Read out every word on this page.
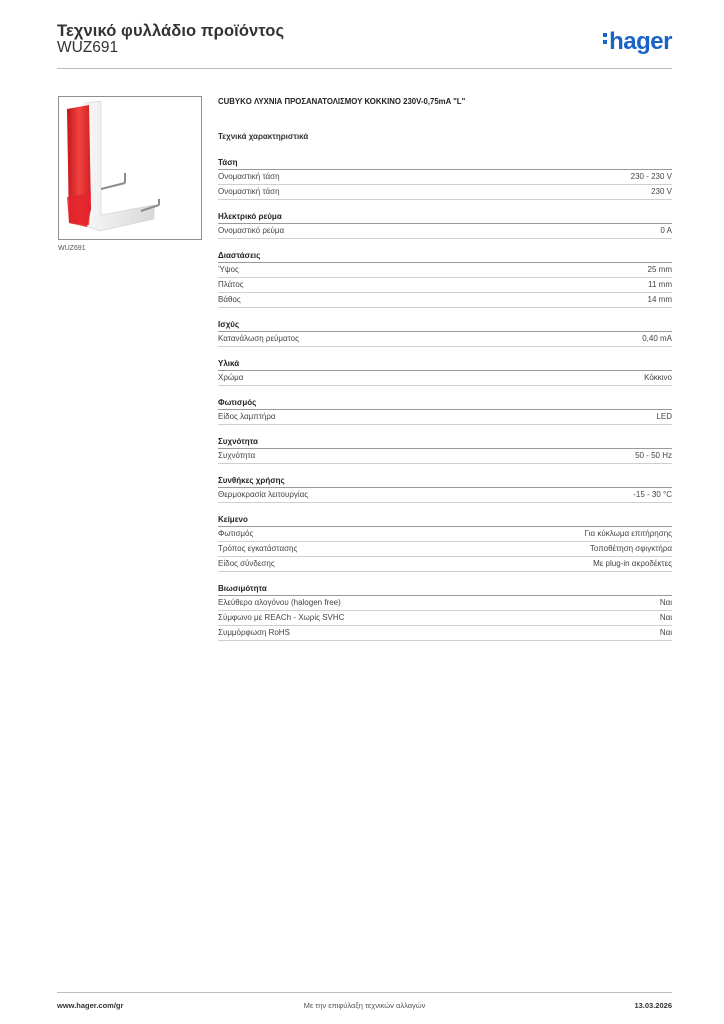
Τεχνικό φυλλάδιο προϊόντος
WUZ691	hager
WUZ691
CUBYKO ΛΥΧΝΙΑ ΠΡΟΣΑΝΑΤΟΛΙΣΜΟΥ ΚΟΚΚΙΝΟ 230V-0,75mA "L"
Τεχνικά χαρακτηριστικά
Τάση
Ονομαστική τάση	230 - 230 V
Ονομαστική τάση	230 V
Ηλεκτρικό ρεύμα
Ονομαστικό ρεύμα	0 A
Διαστάσεις
Ύψος	25 mm
Πλάτος	11 mm
Βάθος	14 mm
Ισχύς
Κατανάλωση ρεύματος	0,40 mA
Υλικά
Χρώμα	Κόκκινο
Φωτισμός
Είδος λαμπτήρα	LED
Συχνότητα
Συχνότητα	50 - 50 Hz
Συνθήκες χρήσης
Θερμοκρασία λειτουργίας	-15 - 30 °C
Κείμενο
Φωτισμός	Για κύκλωμα επιτήρησης
Τρόπος εγκατάστασης	Τοποθέτηση σφιγκτήρα
Είδος σύνδεσης	Με plug-in ακροδέκτες
Βιωσιμότητα
Ελεύθερο αλογόνου (halogen free)	Ναι
Σύμφωνο με REACh - Χωρίς SVHC	Ναι
Συμμόρφωση RoHS	Ναι
www.hager.com/gr	Με την επιφύλαξη τεχνικών αλλαγών	13.03.2026
